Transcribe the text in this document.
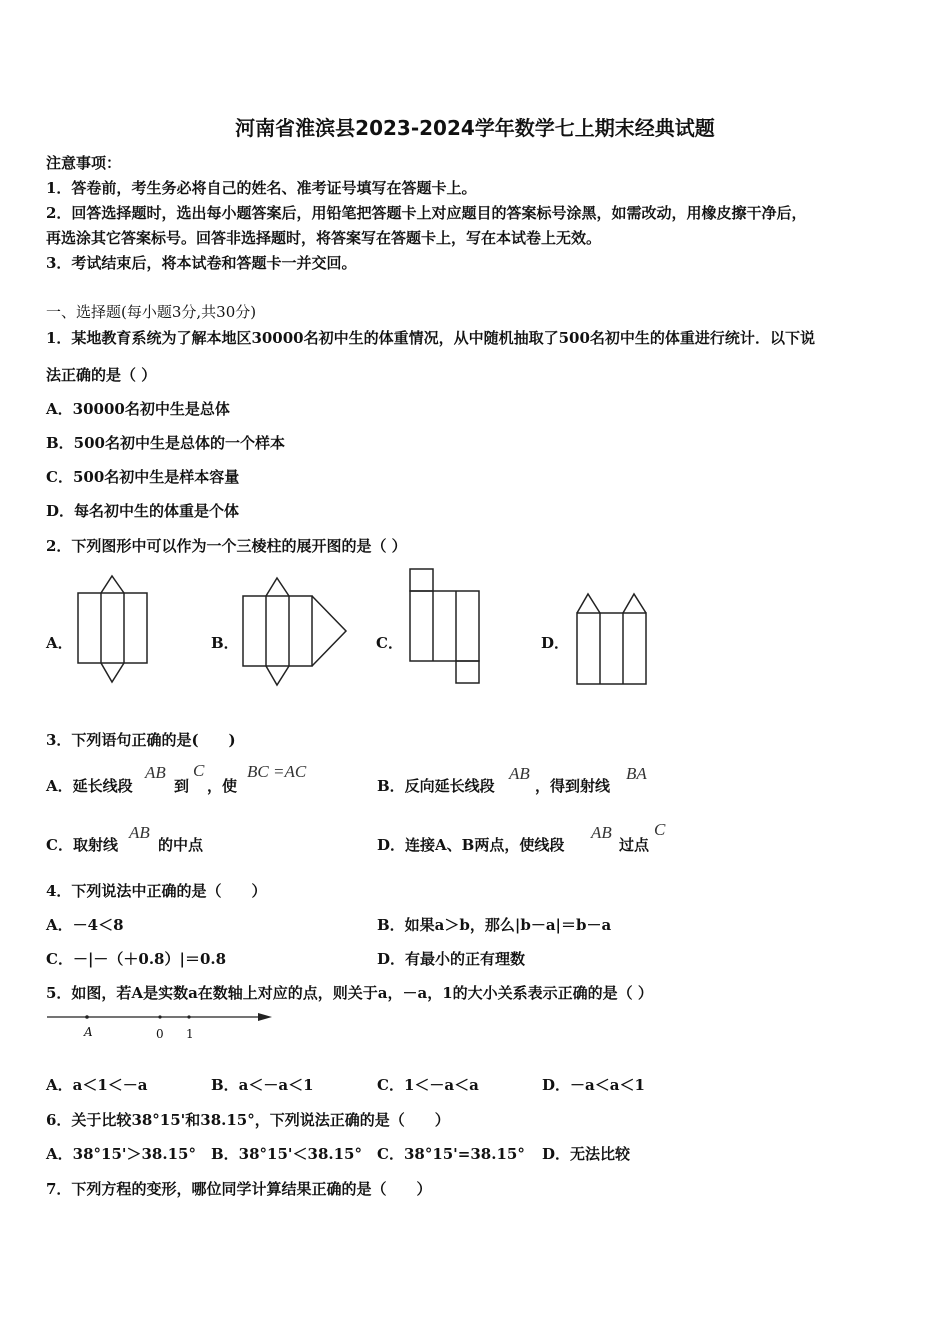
河南省淮滨县2023-2024学年数学七上期末经典试题
注意事项：
1．答卷前，考生务必将自己的姓名、准考证号填写在答题卡上。
2．回答选择题时，选出每小题答案后，用铅笔把答题卡上对应题目的答案标号涂黑，如需改动，用橡皮擦干净后，
再选涂其它答案标号。回答非选择题时，将答案写在答题卡上，写在本试卷上无效。
3．考试结束后，将本试卷和答题卡一并交回。
一、选择题(每小题3分,共30分)
1．某地教育系统为了解本地区30000名初中生的体重情况，从中随机抽取了500名初中生的体重进行统计．以下说
法正确的是（ ）
A．30000名初中生是总体
B．500名初中生是总体的一个样本
C．500名初中生是样本容量
D．每名初中生的体重是个体
2．下列图形中可以作为一个三棱柱的展开图的是（ ）
A．	B．	C．	D．
3．下列语句正确的是(　　)
A．延长线段
AB
到
C
，使
BC =AC
B．反向延长线段
AB
，得到射线
BA
C．取射线
AB
的中点	D．连接A、B两点，使线段
AB
过点
C
4．下列说法中正确的是（　　）
A．－4＜8	B．如果a＞b，那么|b－a|＝b－a
C．－|－（＋0.8）|＝0.8	D．有最小的正有理数
5．如图，若A是实数a在数轴上对应的点，则关于a，－a，1的大小关系表示正确的是（ ）
A	0 1
A．a＜1＜－a	B．a＜－a＜1	C．1＜－a＜a	D．－a＜a＜1
6．关于比较38°15'和38.15°，下列说法正确的是（　　）
A．38°15'＞38.15° B．38°15'＜38.15° C．38°15'=38.15° D．无法比较
7．下列方程的变形，哪位同学计算结果正确的是（　　）
